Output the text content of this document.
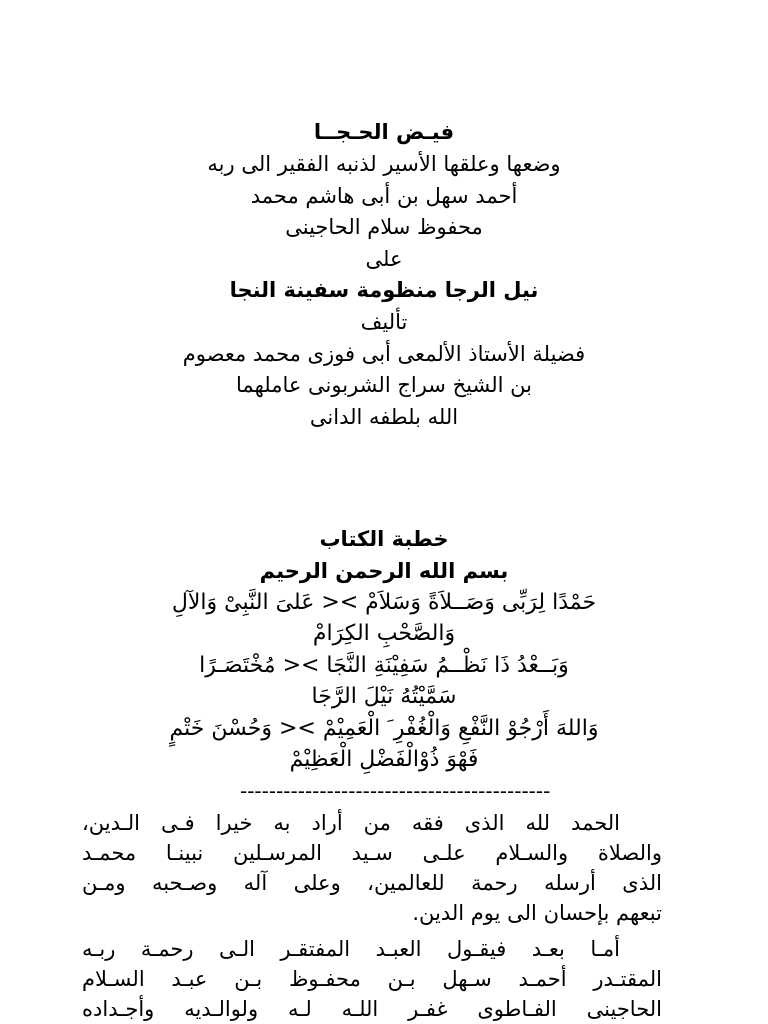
فيـض الحـجــا
وضعها وعلقها الأسير لذنبه الفقير الى ربه
أحمد سهل بن أبى هاشم محمد
محفوظ سلام الحاجينى
على
نيل الرجا منظومة سفينة النجا
تأليف
فضيلة الأستاذ الألمعى أبى فوزى محمد معصوم
بن الشيخ سراج الشربونى عاملهما
الله بلطفه الدانى
خطبة الكتاب
بسم الله الرحمن الرحيم
حَمْدًا لِرَبِّى وَصَــلاَةً وَسَلاَمْ >< عَلىَ النَّبِىْ وَالآلِ
وَالصَّحْبِ الكِرَامْ
وَبَــعْدُ ذَا نَظْــمُ سَفِيْنَةِ النَّجَا >< مُخْتَصَـرًا
سَمَّيْتُهُ نَيْلَ الرَّجَا
وَاللهَ أَرْجُوْ النَّفْعِ وَالْغُفْرِ َ الْعَمِيْمْ >< وَحُسْنَ خَتْمٍ
فَهْوَ ذُوْالْفَضْلِ الْعَظِيْمْ
-------------------------------------------
الحمد لله الذى فقه من أراد به خيرا فـى الـدين،
والصلاة والسـلام علـى سـيد المرسـلين نبينـا محمـد
الذى أرسله رحمة للعالمين، وعلى آله وصـحبه ومـن
تبعهم بإحسان الى يوم الدين.
أمـا بعـد فيقـول العبـد المفتقـر الـى رحمـة ربـه
المقتـدر أحمـد سـهل بـن محفـوظ بـن عبـد السـلام
الحاجينى الفـاطوى غفـر اللـه لـه ولوالـديه وأجـداده
